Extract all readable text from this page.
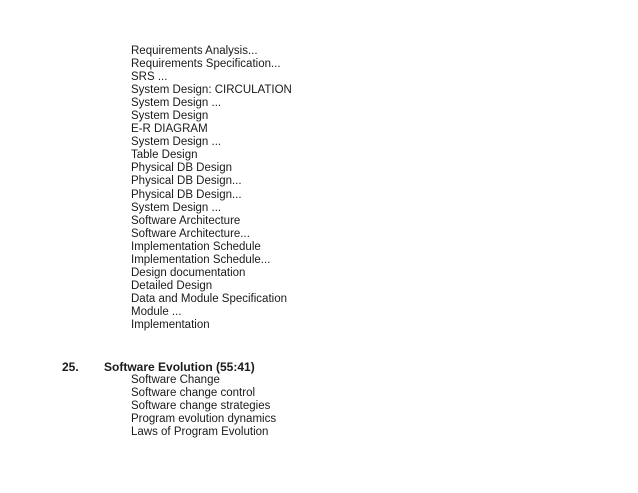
Requirements Analysis...
Requirements Specification...
SRS ...
System Design: CIRCULATION
System Design ...
System Design
E-R DIAGRAM
System Design ...
Table Design
Physical DB Design
Physical DB Design...
Physical DB Design...
System Design ...
Software Architecture
Software Architecture...
Implementation Schedule
Implementation Schedule...
Design documentation
Detailed Design
Data and Module Specification
Module ...
Implementation
25. Software Evolution (55:41)
Software Change
Software change control
Software change strategies
Program evolution dynamics
Laws of Program Evolution
